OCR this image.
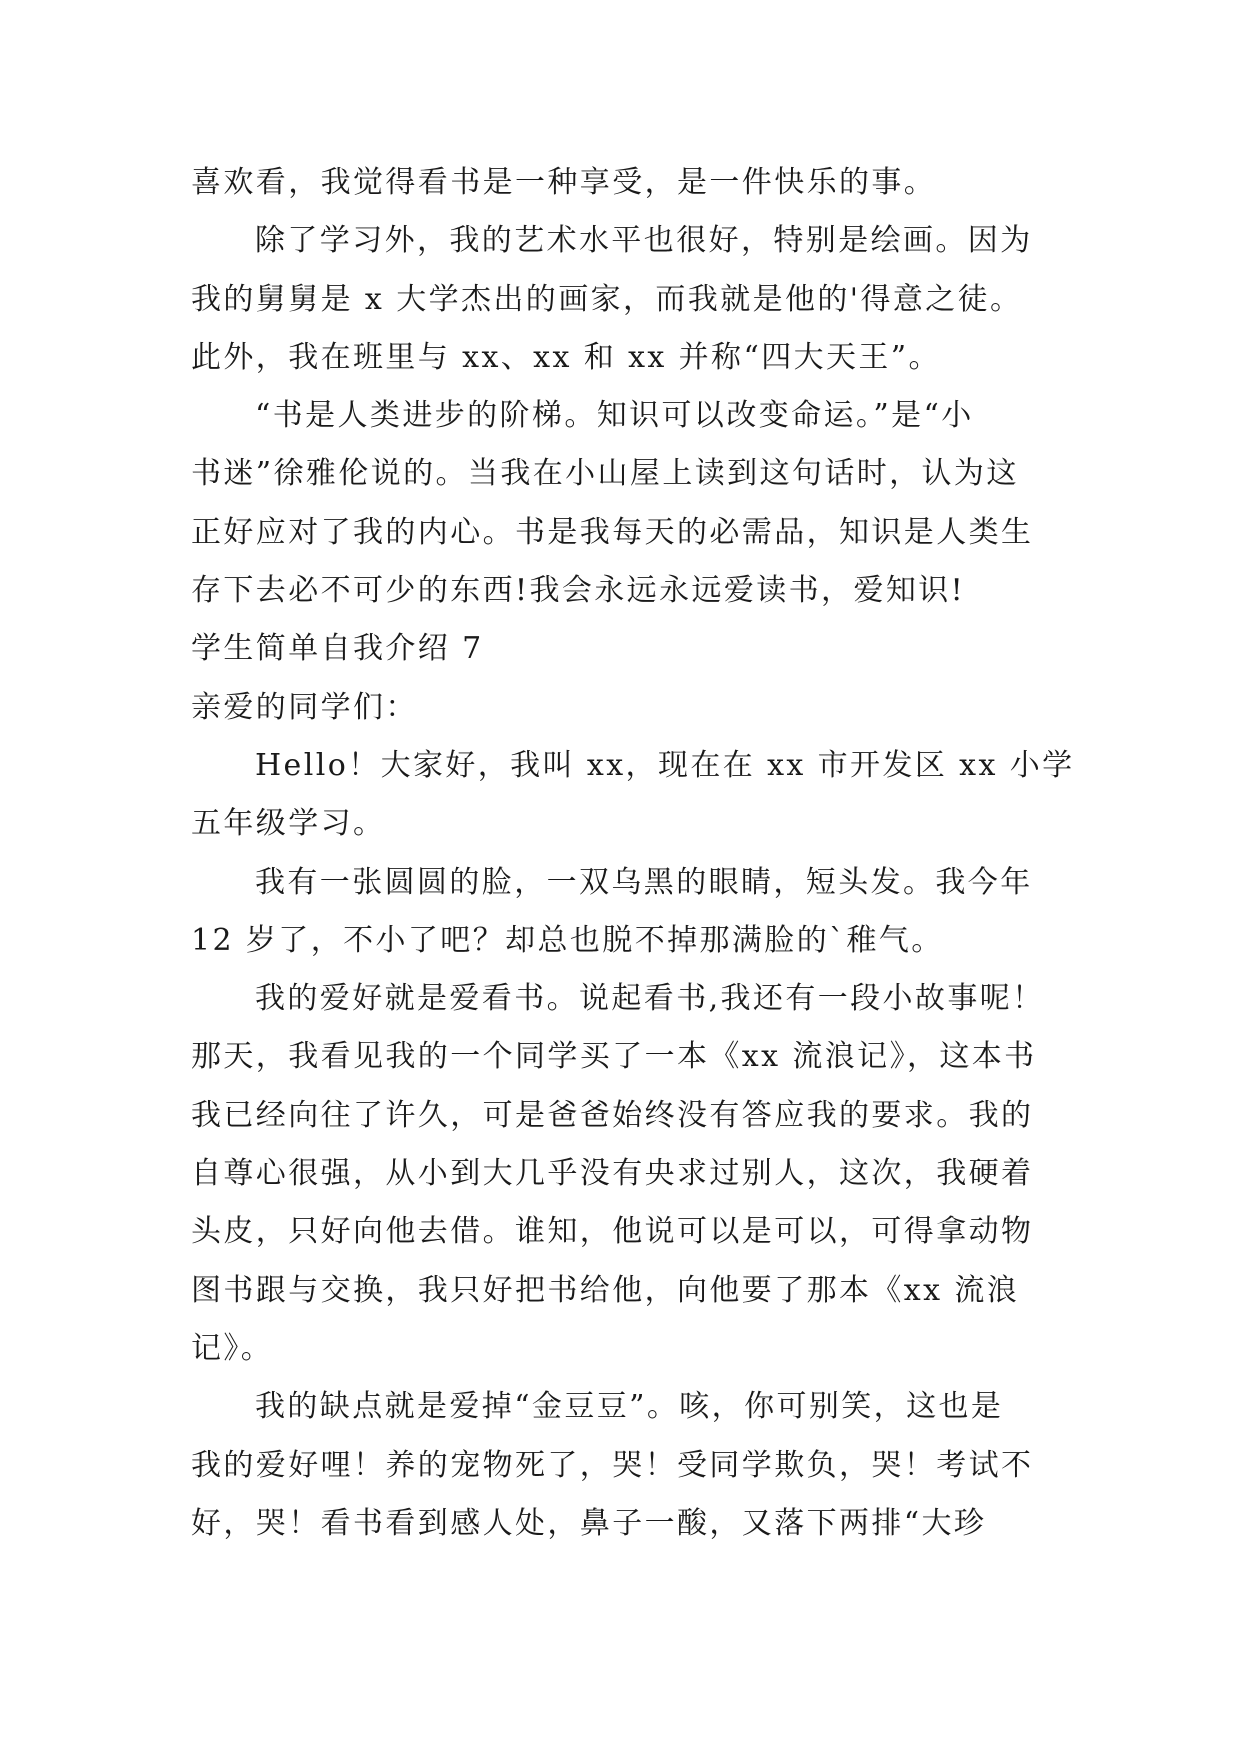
喜欢看，我觉得看书是一种享受，是一件快乐的事。
除了学习外，我的艺术水平也很好，特别是绘画。因为
我的舅舅是 x 大学杰出的画家，而我就是他的'得意之徒。
此外，我在班里与 xx、xx 和 xx 并称“四大天王”。
“书是人类进步的阶梯。知识可以改变命运。”是“小
书迷”徐雅伦说的。当我在小山屋上读到这句话时，认为这
正好应对了我的内心。书是我每天的必需品，知识是人类生
存下去必不可少的东西!我会永远永远爱读书，爱知识!
学生简单自我介绍 7
亲爱的同学们：
Hello！大家好，我叫 xx，现在在 xx 市开发区 xx 小学
五年级学习。
我有一张圆圆的脸，一双乌黑的眼睛，短头发。我今年
12 岁了，不小了吧？却总也脱不掉那满脸的`稚气。
我的爱好就是爱看书。说起看书,我还有一段小故事呢！
那天，我看见我的一个同学买了一本《xx 流浪记》，这本书
我已经向往了许久，可是爸爸始终没有答应我的要求。我的
自尊心很强，从小到大几乎没有央求过别人，这次，我硬着
头皮，只好向他去借。谁知，他说可以是可以，可得拿动物
图书跟与交换，我只好把书给他，向他要了那本《xx 流浪
记》。
我的缺点就是爱掉“金豆豆”。咳，你可别笑，这也是
我的爱好哩！养的宠物死了，哭！受同学欺负，哭！考试不
好，哭！看书看到感人处，鼻子一酸，又落下两排“大珍
